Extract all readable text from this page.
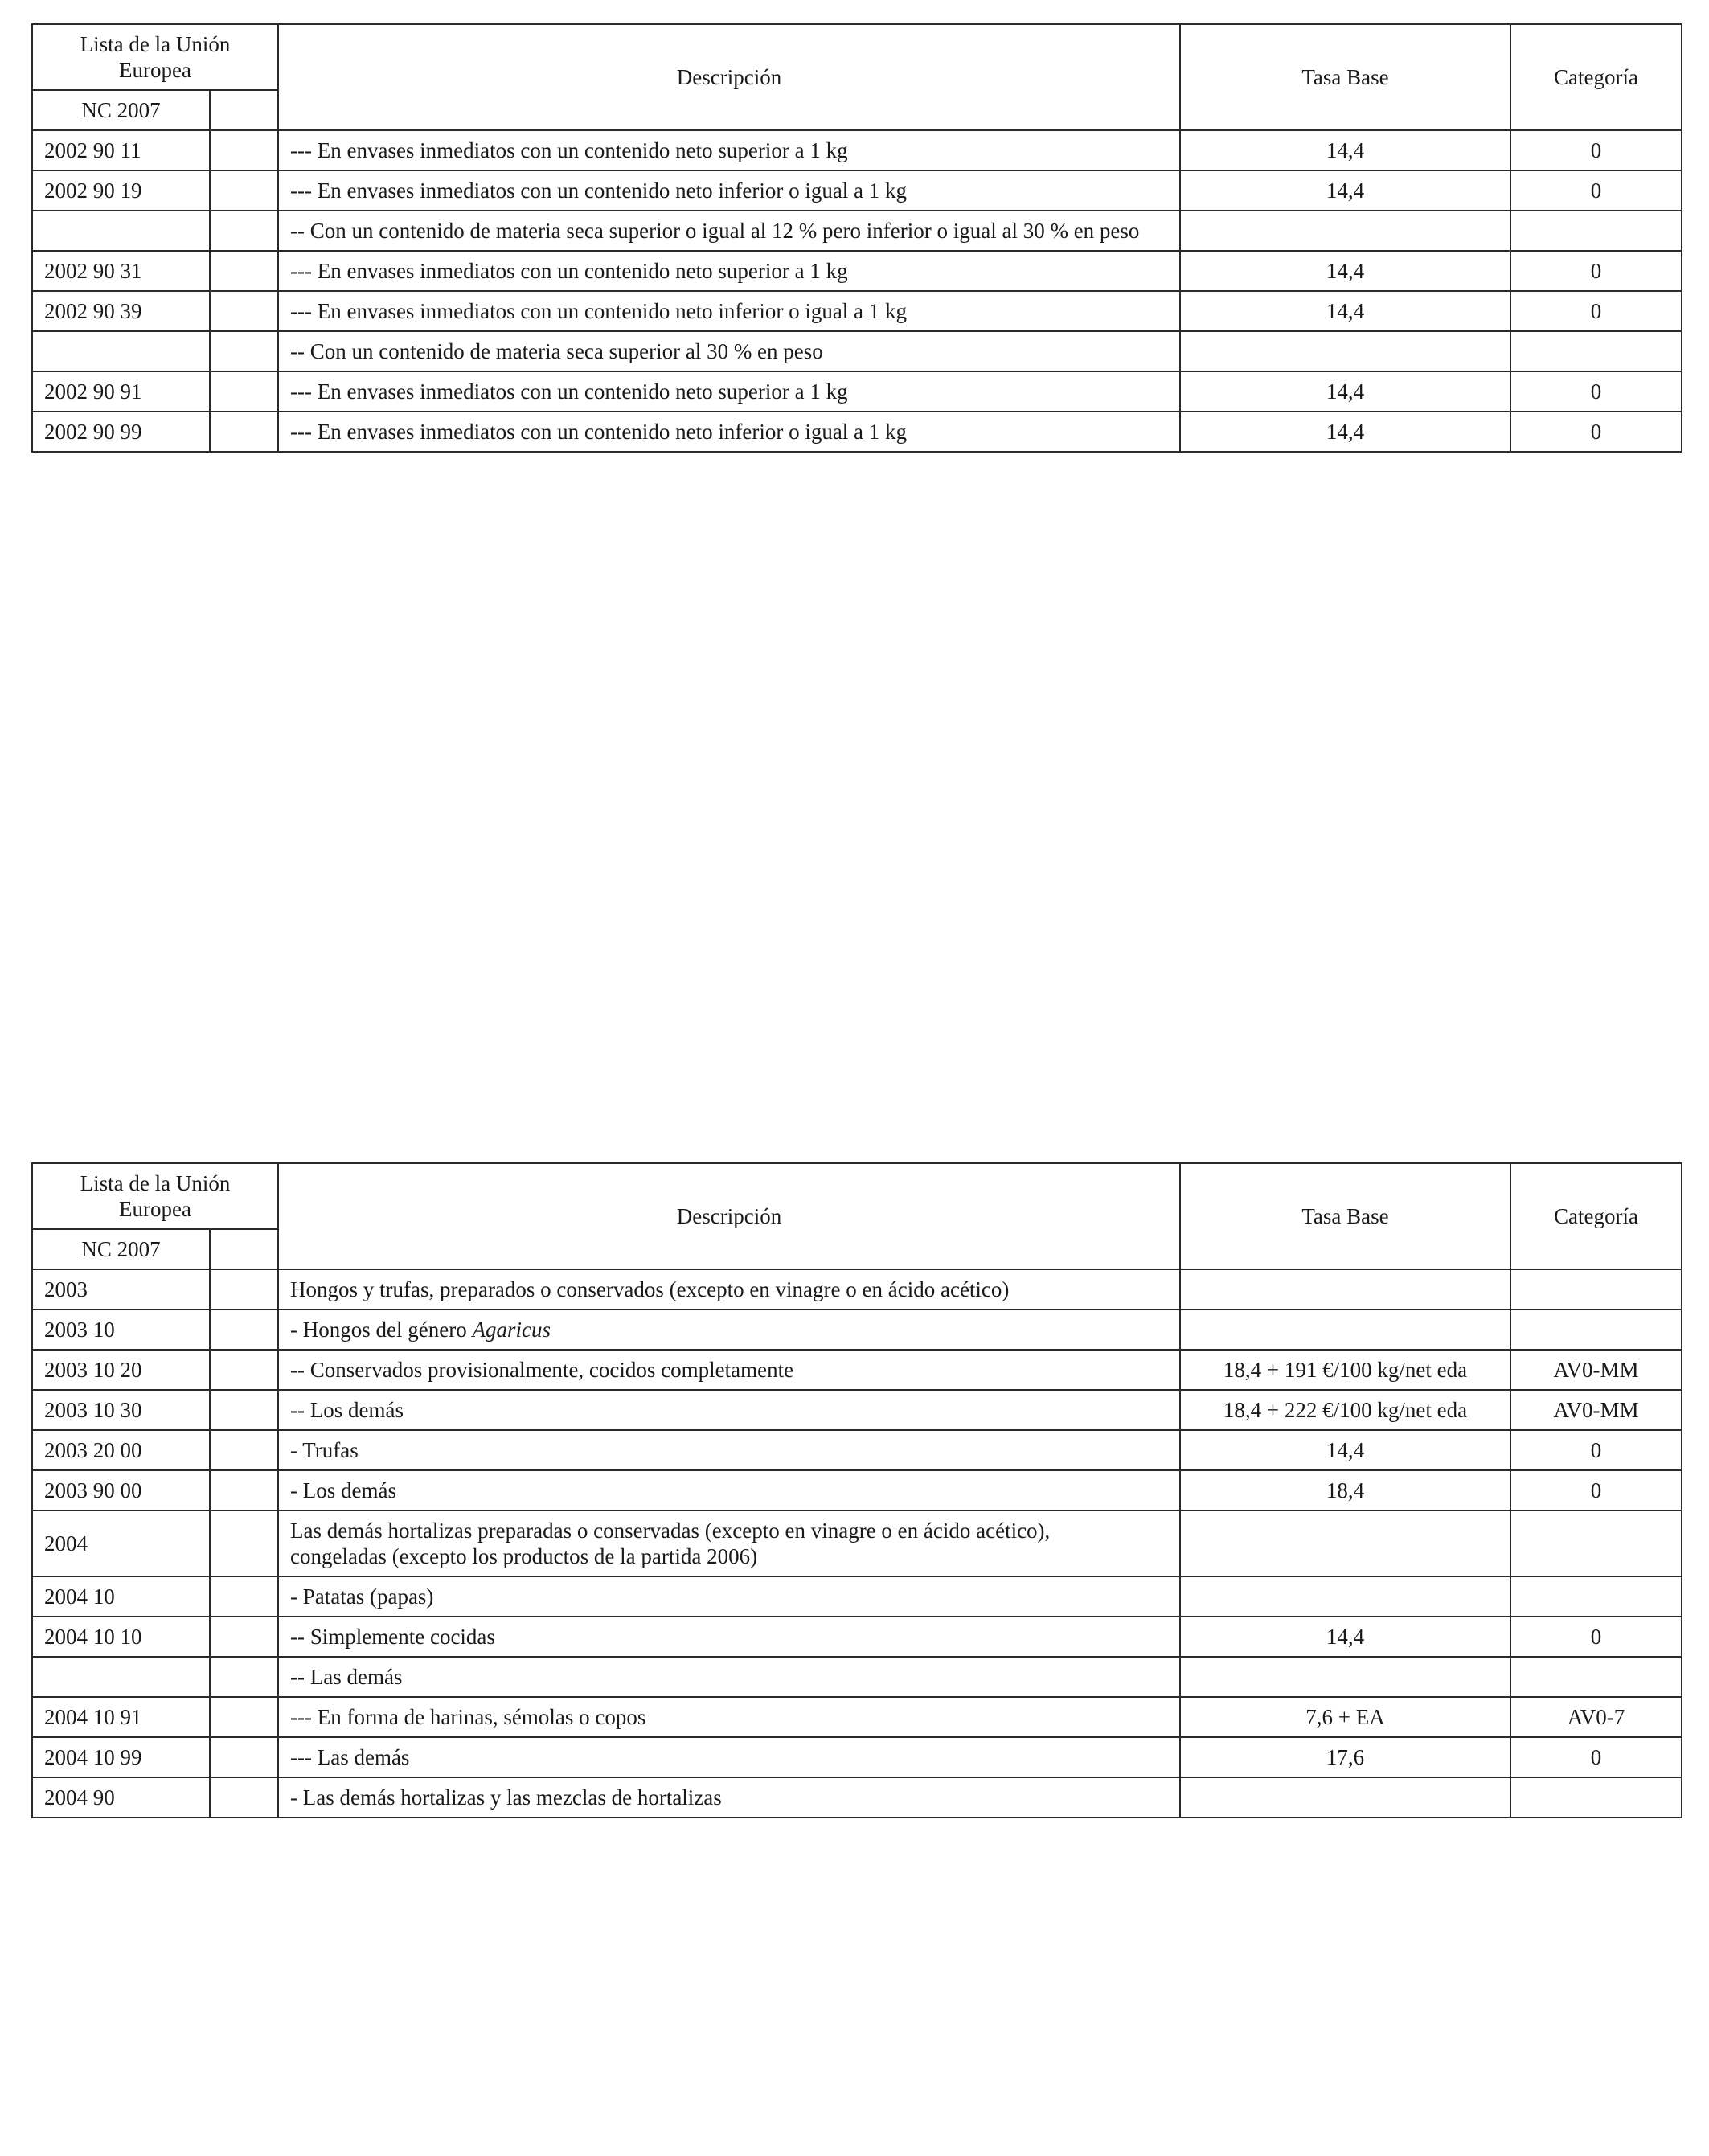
Lista de la Unión
Europea		Descripción	Tasa Base	Categoría
NC 2007				
2002 90 11		--- En envases inmediatos con un contenido neto superior a 1 kg	14,4	0
2002 90 19		--- En envases inmediatos con un contenido neto inferior o igual a 1 kg	14,4	0
		-- Con un contenido de materia seca superior o igual al 12 % pero inferior o igual al 30 % en peso		
2002 90 31		--- En envases inmediatos con un contenido neto superior a 1 kg	14,4	0
2002 90 39		--- En envases inmediatos con un contenido neto inferior o igual a 1 kg	14,4	0
		-- Con un contenido de materia seca superior al 30 % en peso		
2002 90 91		--- En envases inmediatos con un contenido neto superior a 1 kg	14,4	0
2002 90 99		--- En envases inmediatos con un contenido neto inferior o igual a 1 kg	14,4	0
Lista de la Unión
Europea		Descripción	Tasa Base	Categoría
NC 2007				
2003		Hongos y trufas, preparados o conservados (excepto en vinagre o en ácido acético)		
2003 10		- Hongos del género Agaricus		
2003 10 20		-- Conservados provisionalmente, cocidos completamente	18,4 + 191 €/100 kg/net eda	AV0-MM
2003 10 30		-- Los demás	18,4 + 222 €/100 kg/net eda	AV0-MM
2003 20 00		- Trufas	14,4	0
2003 90 00		- Los demás	18,4	0
2004		Las demás hortalizas preparadas o conservadas (excepto en vinagre o en ácido acético),
congeladas (excepto los productos de la partida 2006)		
2004 10		- Patatas (papas)		
2004 10 10		-- Simplemente cocidas	14,4	0
		-- Las demás		
2004 10 91		--- En forma de harinas, sémolas o copos	7,6 + EA	AV0-7
2004 10 99		--- Las demás	17,6	0
2004 90		- Las demás hortalizas y las mezclas de hortalizas		
